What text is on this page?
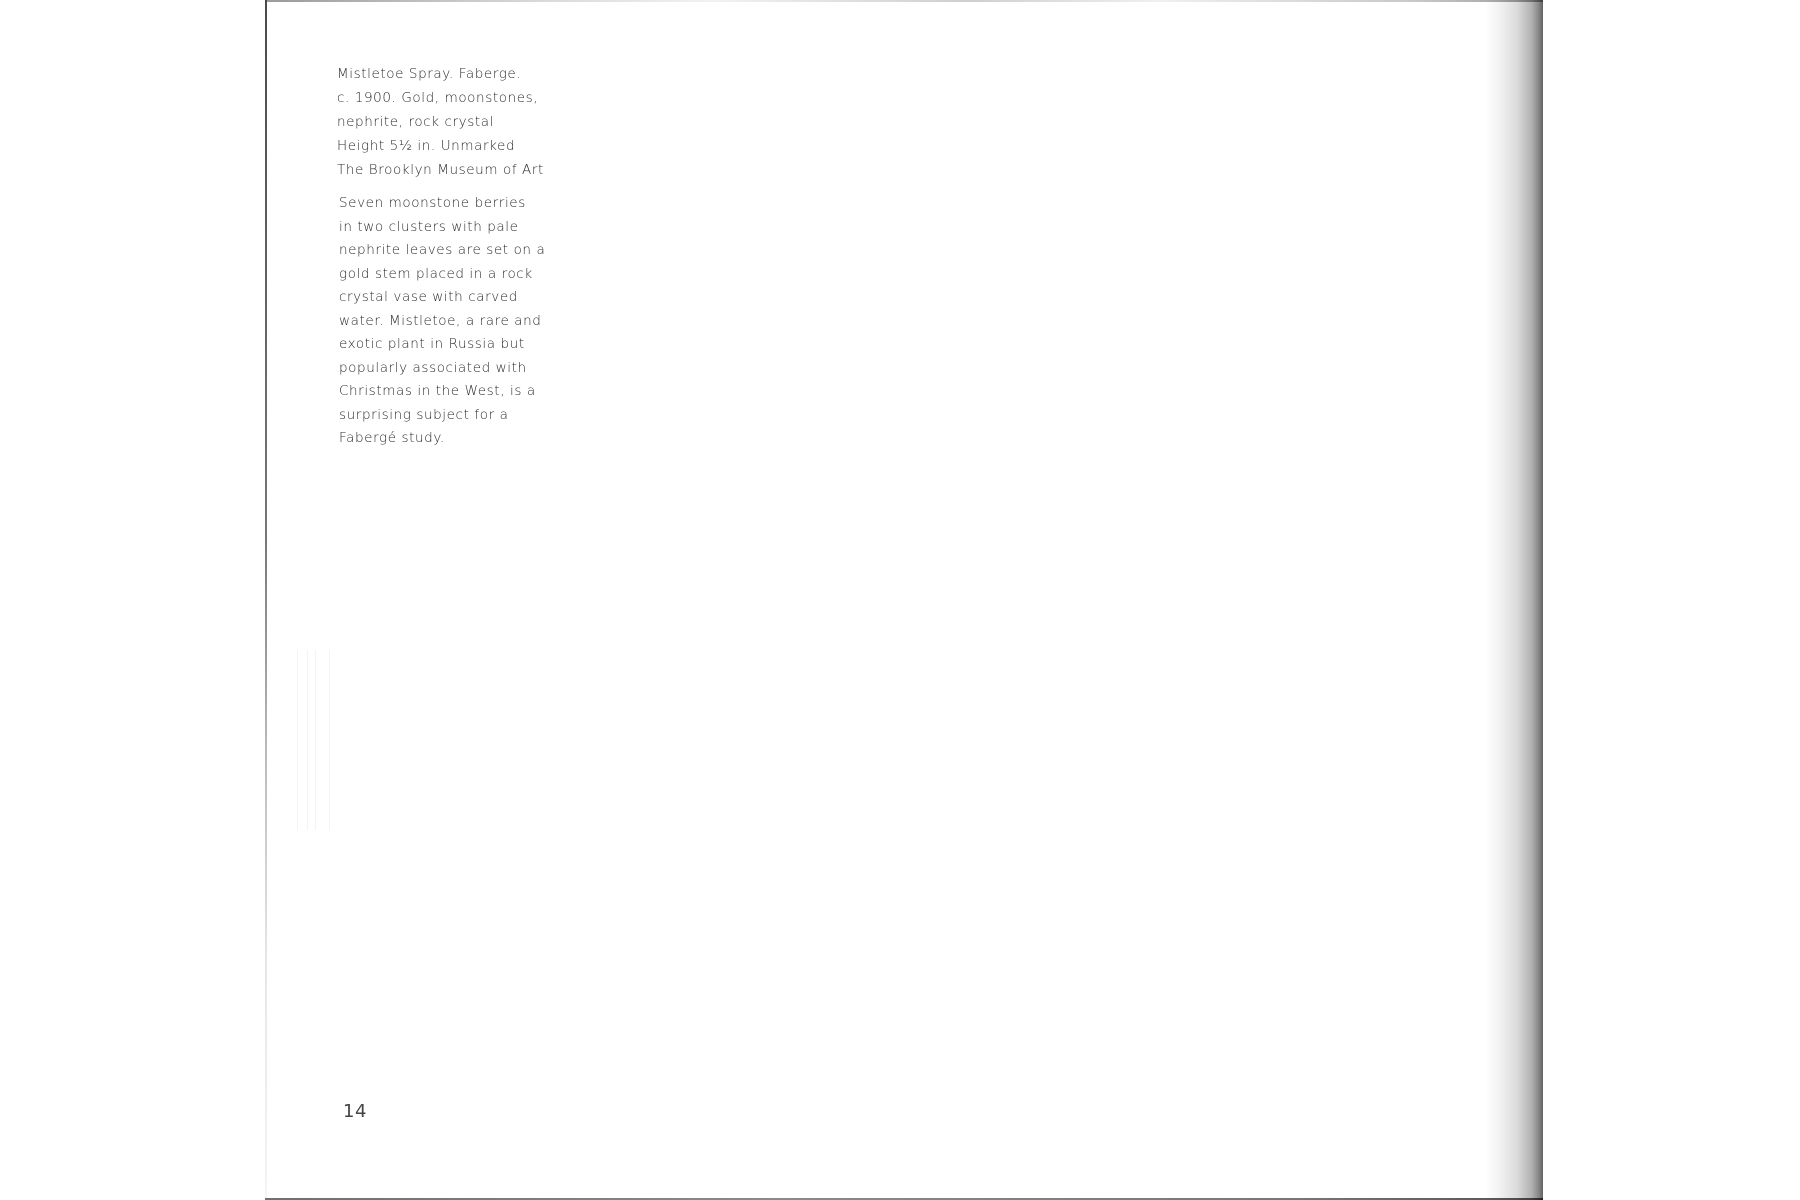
Mistletoe Spray. Faberge.
c. 1900. Gold, moonstones,
nephrite, rock crystal
Height 5½ in. Unmarked
The Brooklyn Museum of Art
Seven moonstone berries
in two clusters with pale
nephrite leaves are set on a
gold stem placed in a rock
crystal vase with carved
water. Mistletoe, a rare and
exotic plant in Russia but
popularly associated with
Christmas in the West, is a
surprising subject for a
Fabergé study.
14
